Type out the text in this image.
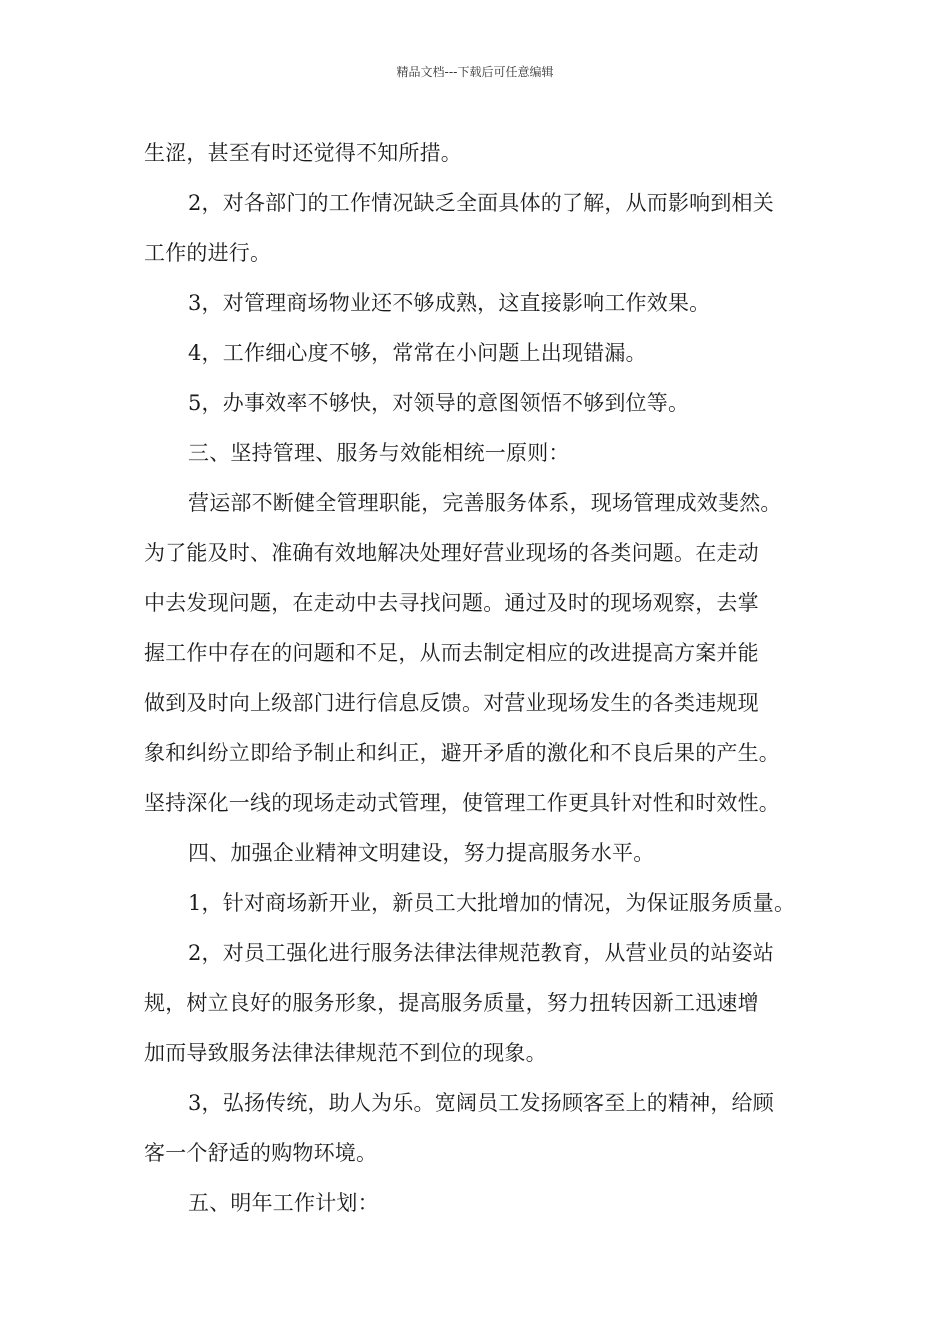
精品文档---下载后可任意编辑
生涩，甚至有时还觉得不知所措。
2，对各部门的工作情况缺乏全面具体的了解，从而影响到相关
工作的进行。
3，对管理商场物业还不够成熟，这直接影响工作效果。
4，工作细心度不够，常常在小问题上出现错漏。
5，办事效率不够快，对领导的意图领悟不够到位等。
三、坚持管理、服务与效能相统一原则：
营运部不断健全管理职能，完善服务体系，现场管理成效斐然。
为了能及时、准确有效地解决处理好营业现场的各类问题。在走动
中去发现问题，在走动中去寻找问题。通过及时的现场观察，去掌
握工作中存在的问题和不足，从而去制定相应的改进提高方案并能
做到及时向上级部门进行信息反馈。对营业现场发生的各类违规现
象和纠纷立即给予制止和纠正，避开矛盾的激化和不良后果的产生。
坚持深化一线的现场走动式管理，使管理工作更具针对性和时效性。
四、加强企业精神文明建设，努力提高服务水平。
1，针对商场新开业，新员工大批增加的情况，为保证服务质量。
2，对员工强化进行服务法律法律规范教育，从营业员的站姿站
规，树立良好的服务形象，提高服务质量，努力扭转因新工迅速增
加而导致服务法律法律规范不到位的现象。
3，弘扬传统，助人为乐。宽阔员工发扬顾客至上的精神，给顾
客一个舒适的购物环境。
五、明年工作计划：
